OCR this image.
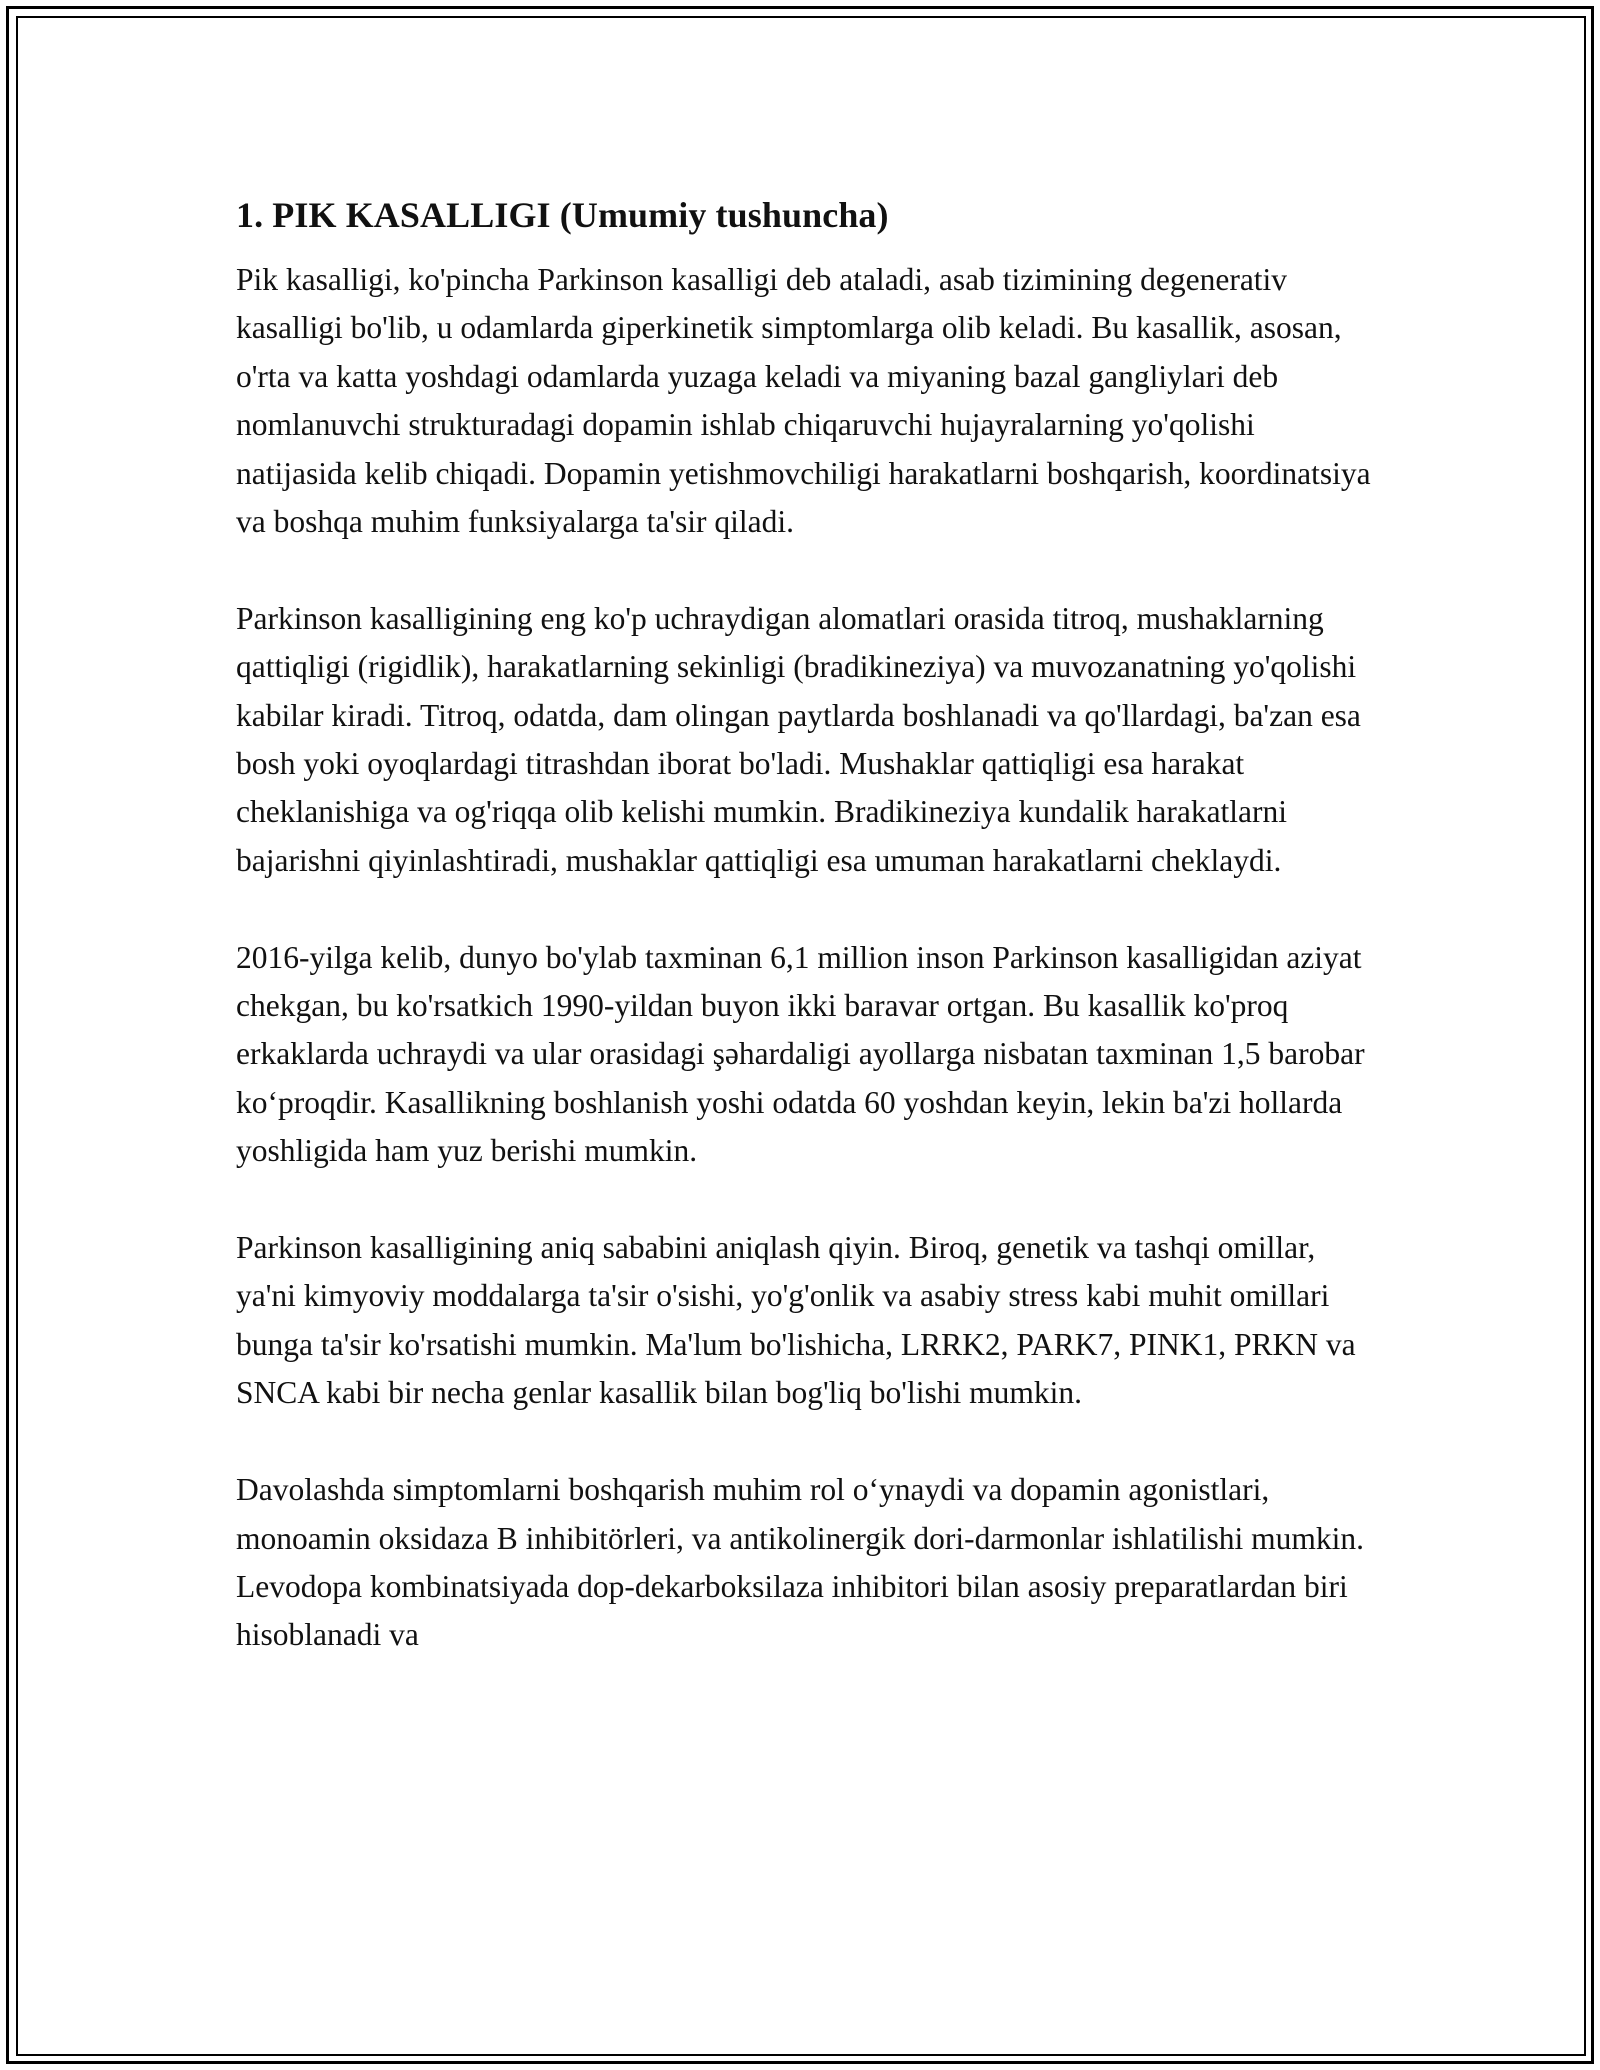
1. PIK KASALLIGI (Umumiy tushuncha)

Pik kasalligi, ko'pincha Parkinson kasalligi deb ataladi, asab tizimining degenerativ kasalligi bo'lib, u odamlarda giperkinetik simptomlarga olib keladi. Bu kasallik, asosan, o'rta va katta yoshdagi odamlarda yuzaga keladi va miyaning bazal gangliylari deb nomlanuvchi strukturadagi dopamin ishlab chiqaruvchi hujayralarning yo'qolishi natijasida kelib chiqadi. Dopamin yetishmovchiligi harakatlarni boshqarish, koordinatsiya va boshqa muhim funksiyalarga ta'sir qiladi.

Parkinson kasalligining eng ko'p uchraydigan alomatlari orasida titroq, mushaklarning qattiqligi (rigidlik), harakatlarning sekinligi (bradikineziya) va muvozanatning yo'qolishi kabilar kiradi. Titroq, odatda, dam olingan paytlarda boshlanadi va qo'llardagi, ba'zan esa bosh yoki oyoqlardagi titrashdan iborat bo'ladi. Mushaklar qattiqligi esa harakat cheklanishiga va og'riqqa olib kelishi mumkin. Bradikineziya kundalik harakatlarni bajarishni qiyinlashtiradi, mushaklar qattiqligi esa umuman harakatlarni cheklaydi.

2016-yilga kelib, dunyo bo'ylab taxminan 6,1 million inson Parkinson kasalligidan aziyat chekgan, bu ko'rsatkich 1990-yildan buyon ikki baravar ortgan. Bu kasallik ko'proq erkaklarda uchraydi va ular orasidagi şəhardaligi ayollarga nisbatan taxminan 1,5 barobar ko‘proqdir. Kasallikning boshlanish yoshi odatda 60 yoshdan keyin, lekin ba'zi hollarda yoshligida ham yuz berishi mumkin.

Parkinson kasalligining aniq sababini aniqlash qiyin. Biroq, genetik va tashqi omillar, ya'ni kimyoviy moddalarga ta'sir o'sishi, yo'g'onlik va asabiy stress kabi muhit omillari bunga ta'sir ko'rsatishi mumkin. Ma'lum bo'lishicha, LRRK2, PARK7, PINK1, PRKN va SNCA kabi bir necha genlar kasallik bilan bog'liq bo'lishi mumkin.

Davolashda simptomlarni boshqarish muhim rol o‘ynaydi va dopamin agonistlari, monoamin oksidaza B inhibitörleri, va antikolinergik dori-darmonlar ishlatilishi mumkin. Levodopa kombinatsiyada dop-dekarboksilaza inhibitori bilan asosiy preparatlardan biri hisoblanadi va
